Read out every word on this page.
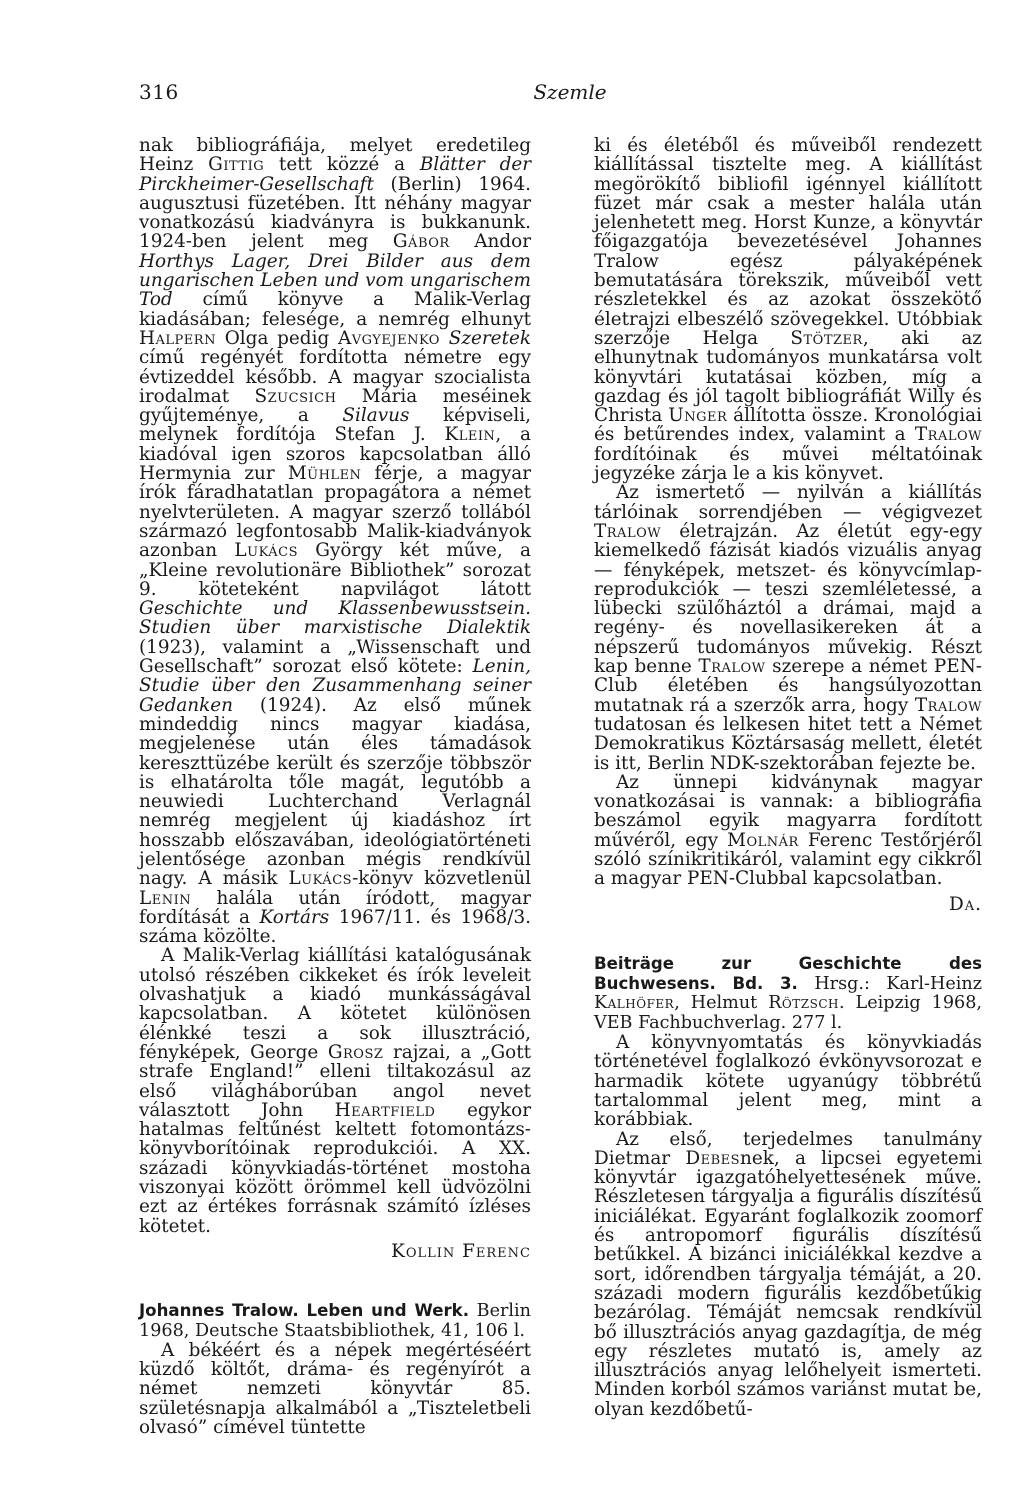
316	Szemle

nak bibliográfiája, melyet eredetileg Heinz Gittig tett közzé a Blätter der Pirckheimer-Gesellschaft (Berlin) 1964. augusztusi füzetében. Itt néhány magyar vonatkozású kiadványra is bukkanunk. 1924-ben jelent meg Gábor Andor Horthys Lager, Drei Bilder aus dem ungarischen Leben und vom ungarischem Tod című könyve a Malik-Verlag kiadásában; felesége, a nemrég elhunyt Halpern Olga pedig Avgyejenko Szeretek című regényét fordította németre egy évtizeddel később. A magyar szocialista irodalmat Szucsich Mária meséinek gyűjteménye, a Silavus képviseli, melynek fordítója Stefan J. Klein, a kiadóval igen szoros kapcsolatban álló Hermynia zur Mühlen férje, a magyar írók fáradhatatlan propagátora a német nyelvterületen. A magyar szerző tollából származó legfontosabb Malik-kiadványok azonban Lukács György két műve, a „Kleine revolutionäre Bibliothek” sorozat 9. köteteként napvilágot látott Geschichte und Klassenbewusstsein. Studien über marxistische Dialektik (1923), valamint a „Wissenschaft und Gesellschaft” sorozat első kötete: Lenin, Studie über den Zusammenhang seiner Gedanken (1924). Az első műnek mindeddig nincs magyar kiadása, megjelenése után éles támadások kereszttüzébe került és szerzője többször is elhatárolta tőle magát, legutóbb a neuwiedi Luchterchand Verlagnál nemrég megjelent új kiadáshoz írt hosszabb előszavában, ideológiatörténeti jelentősége azonban mégis rendkívül nagy. A másik Lukács-könyv közvetlenül Lenin halála után íródott, magyar fordítását a Kortárs 1967/11. és 1968/3. száma közölte.

A Malik-Verlag kiállítási katalógusának utolsó részében cikkeket és írók leveleit olvashatjuk a kiadó munkásságával kapcsolatban. A kötetet különösen élénkké teszi a sok illusztráció, fényképek, George Grosz rajzai, a „Gott strafe England!” elleni tiltakozásul az első világháborúban angol nevet választott John Heartfield egykor hatalmas feltűnést keltett fotomontázs-könyvborítóinak reprodukciói. A XX. századi könyvkiadás-történet mostoha viszonyai között örömmel kell üdvözölni ezt az értékes forrásnak számító ízléses kötetet.

Kollin Ferenc

Johannes Tralow. Leben und Werk. Berlin 1968, Deutsche Staatsbibliothek, 41, 106 l.

A békéért és a népek megértéséért küzdő költőt, dráma- és regényírót a német nemzeti könyvtár 85. születésnapja alkalmából a „Tiszteletbeli olvasó” címével tüntette

ki és életéből és műveiből rendezett kiállítással tisztelte meg. A kiállítást megörökítő bibliofil igénnyel kiállított füzet már csak a mester halála után jelenhetett meg. Horst Kunze, a könyvtár főigazgatója bevezetésével Johannes Tralow egész pályaképének bemutatására törekszik, műveiből vett részletekkel és az azokat összekötő életrajzi elbeszélő szövegekkel. Utóbbiak szerzője Helga Stötzer, aki az elhunytnak tudományos munkatársa volt könyvtári kutatásai közben, míg a gazdag és jól tagolt bibliográfiát Willy és Christa Unger állította össze. Kronológiai és betűrendes index, valamint a Tralow fordítóinak és művei méltatóinak jegyzéke zárja le a kis könyvet.

Az ismertető — nyilván a kiállítás tárlóinak sorrendjében — végigvezet Tralow életrajzán. Az életút egy-egy kiemelkedő fázisát kiadós vizuális anyag — fényképek, metszet- és könyvcímlap-reprodukciók — teszi szemléletessé, a lübecki szülőháztól a drámai, majd a regény- és novellasikereken át a népszerű tudományos művekig. Részt kap benne Tralow szerepe a német PEN-Club életében és hangsúlyozottan mutatnak rá a szerzők arra, hogy Tralow tudatosan és lelkesen hitet tett a Német Demokratikus Köztársaság mellett, életét is itt, Berlin NDK-szektorában fejezte be.

Az ünnepi kidványnak magyar vonatkozásai is vannak: a bibliográfia beszámol egyik magyarra fordított művéről, egy Molnár Ferenc Testőrjéről szóló színikritikáról, valamint egy cikkről a magyar PEN-Clubbal kapcsolatban.

Da.

Beiträge zur Geschichte des Buchwesens. Bd. 3. Hrsg.: Karl-Heinz Kalhöfer, Helmut Rötzsch. Leipzig 1968, VEB Fachbuchverlag. 277 l.

A könyvnyomtatás és könyvkiadás történetével foglalkozó évkönyvsorozat e harmadik kötete ugyanúgy többrétű tartalommal jelent meg, mint a korábbiak.

Az első, terjedelmes tanulmány Dietmar Debesnek, a lipcsei egyetemi könyvtár igazgatóhelyettesének műve. Részletesen tárgyalja a figurális díszítésű iniciálékat. Egyaránt foglalkozik zoomorf és antropomorf figurális díszítésű betűkkel. A bizánci iniciálékkal kezdve a sort, időrendben tárgyalja témáját, a 20. századi modern figurális kezdőbetűkig bezárólag. Témáját nemcsak rendkívül bő illusztrációs anyag gazdagítja, de még egy részletes mutató is, amely az illusztrációs anyag lelőhelyeit ismerteti. Minden korból számos variánst mutat be, olyan kezdőbetű-
